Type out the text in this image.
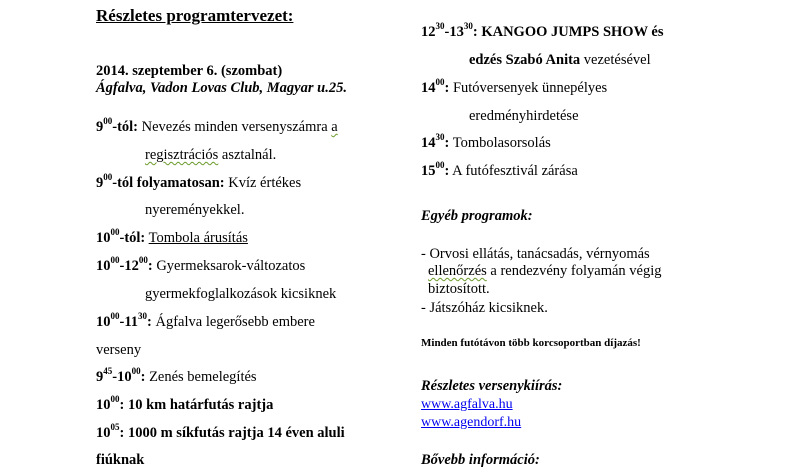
Részletes programtervezet:
2014. szeptember 6. (szombat)
Ágfalva, Vadon Lovas Club, Magyar u.25.
$9^{00}$-tól: Nevezés minden versenyszámra a
regisztrációs asztalnál.
$9^{00}$-tól folyamatosan: Kvíz értékes
nyereményekkel.
$10^{00}$-tól: Tombola árusítás
$10^{00}-12^{00}$: Gyermeksarok-változatos
gyermekfoglalkozások kicsiknek
$10^{00}-11^{30}$: Ágfalva legerősebb embere
verseny
$9^{45}-10^{00}$: Zenés bemelegítés
$10^{00}$: 10 km határfutás rajtja
$10^{05}$: 1000 m síkfutás rajtja 14 éven aluli
fiúknak
$12^{30}-13^{30}$: KANGOO JUMPS SHOW és
edzés Szabó Anita vezetésével
$14^{00}$: Futóversenyek ünnepélyes
eredményhirdetése
$14^{30}$: Tombolasorsolás
$15^{00}$: A futófesztivál zárása
Egyéb programok:
- Orvosi ellátás, tanácsadás, vérnyomás
ellenőrzés a rendezvény folyamán végig
biztosított.
- Játszóház kicsiknek.
Minden futótávon több korcsoportban díjazás!
Részletes versenykiírás:
www.agfalva.hu
www.agendorf.hu
Bővebb információ:
